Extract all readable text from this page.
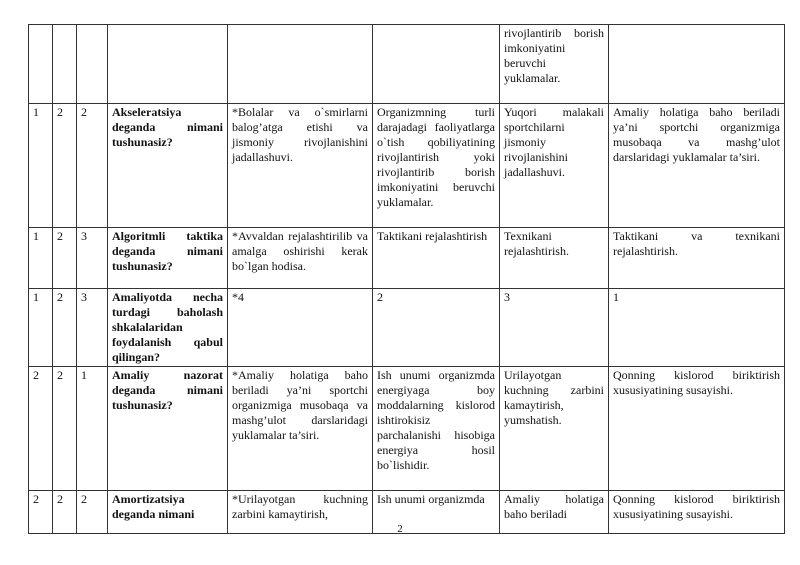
						rivojlantirib borish imkoniyatini beruvchi yuklamalar.	
1	2	2	Akseleratsiya deganda nimani tushunasiz?	*Bolalar va o`smirlarni balog’atga etishi va jismoniy rivojlanishini jadallashuvi.	Organizmning turli darajadagi faoliyatlarga o`tish qobiliyatining rivojlantirish yoki rivojlantirib borish imkoniyatini beruvchi yuklamalar.	Yuqori malakali sportchilarni jismoniy rivojlanishini jadallashuvi.	Amaliy holatiga baho beriladi ya’ni sportchi organizmiga musobaqa va mashg’ulot darslaridagi yuklamalar ta’siri.
1	2	3	Algoritmli taktika deganda nimani tushunasiz?	*Avvaldan rejalashtirilib va amalga oshirishi kerak bo`lgan hodisa.	Taktikani rejalashtirish	Texnikani rejalashtirish.	Taktikani va texnikani rejalashtirish.
1	2	3	Amaliyotda necha turdagi baholash shkalalaridan foydalanish qabul qilingan?	*4	2	3	1
2	2	1	Amaliy nazorat deganda nimani tushunasiz?	*Amaliy holatiga baho beriladi ya’ni sportchi organizmiga musobaqa va mashg’ulot darslaridagi yuklamalar ta’siri.	Ish unumi organizmda energiyaga boy moddalarning kislorod ishtirokisiz parchalanishi hisobiga energiya hosil bo`lishidir.	Urilayotgan kuchning zarbini kamaytirish, yumshatish.	Qonning kislorod biriktirish xususiyatining susayishi.
2	2	2	Amortizatsiya deganda nimani	*Urilayotgan kuchning zarbini kamaytirish,	Ish unumi organizmda	Amaliy holatiga baho beriladi	Qonning kislorod biriktirish xususiyatining susayishi.
2
